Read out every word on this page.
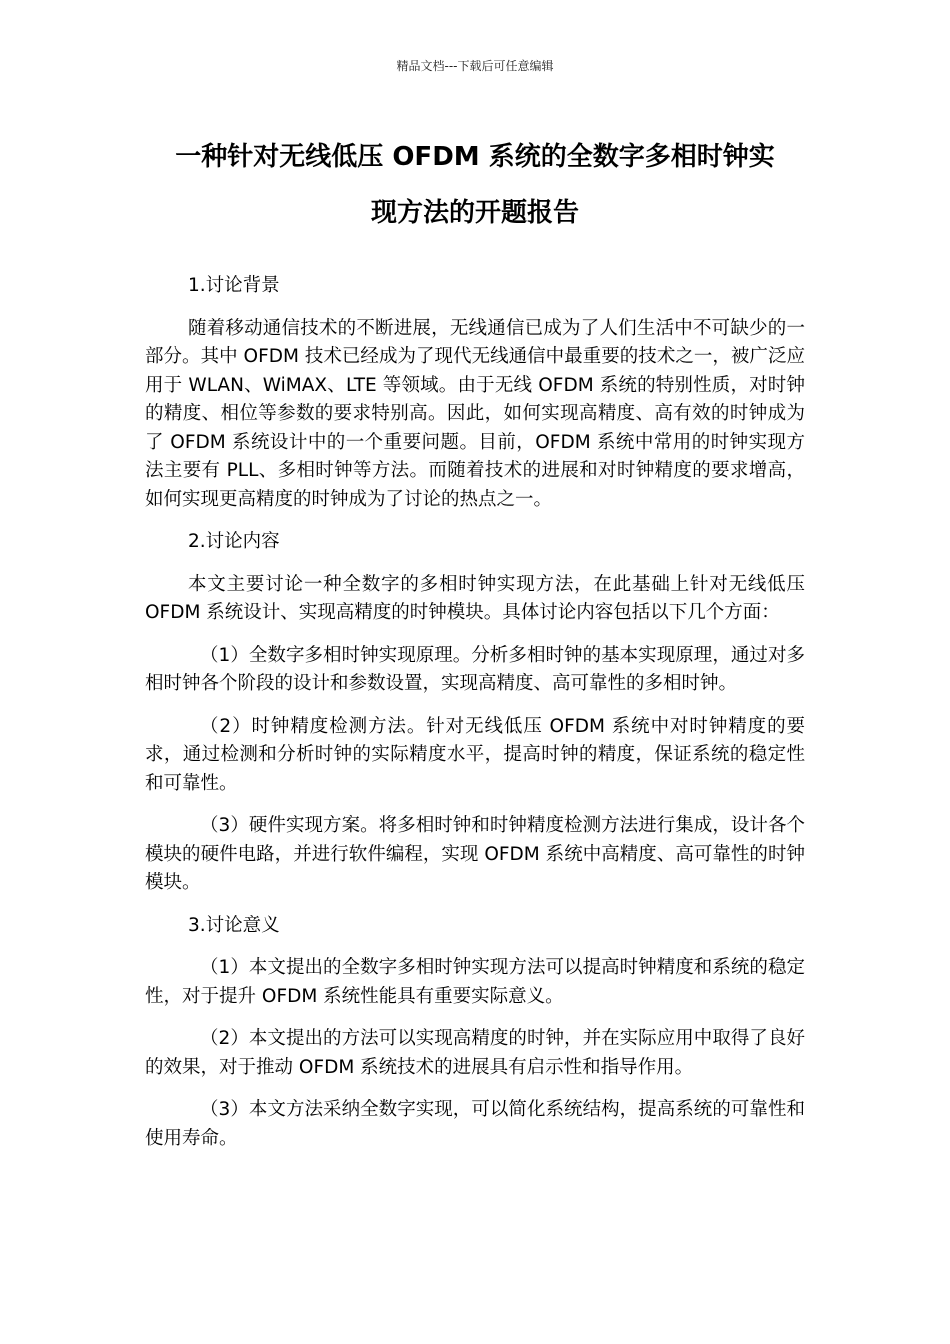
精品文档---下载后可任意编辑
一种针对无线低压 OFDM 系统的全数字多相时钟实
现方法的开题报告

1.讨论背景

随着移动通信技术的不断进展，无线通信已成为了人们生活中不可缺少的一部分。其中 OFDM 技术已经成为了现代无线通信中最重要的技术之一，被广泛应用于 WLAN、WiMAX、LTE 等领域。由于无线 OFDM 系统的特别性质，对时钟的精度、相位等参数的要求特别高。因此，如何实现高精度、高有效的时钟成为了 OFDM 系统设计中的一个重要问题。目前，OFDM 系统中常用的时钟实现方法主要有 PLL、多相时钟等方法。而随着技术的进展和对时钟精度的要求增高，如何实现更高精度的时钟成为了讨论的热点之一。

2.讨论内容

本文主要讨论一种全数字的多相时钟实现方法，在此基础上针对无线低压 OFDM 系统设计、实现高精度的时钟模块。具体讨论内容包括以下几个方面：

（1）全数字多相时钟实现原理。分析多相时钟的基本实现原理，通过对多相时钟各个阶段的设计和参数设置，实现高精度、高可靠性的多相时钟。

（2）时钟精度检测方法。针对无线低压 OFDM 系统中对时钟精度的要求，通过检测和分析时钟的实际精度水平，提高时钟的精度，保证系统的稳定性和可靠性。

（3）硬件实现方案。将多相时钟和时钟精度检测方法进行集成，设计各个模块的硬件电路，并进行软件编程，实现 OFDM 系统中高精度、高可靠性的时钟模块。

3.讨论意义

（1）本文提出的全数字多相时钟实现方法可以提高时钟精度和系统的稳定性，对于提升 OFDM 系统性能具有重要实际意义。

（2）本文提出的方法可以实现高精度的时钟，并在实际应用中取得了良好的效果，对于推动 OFDM 系统技术的进展具有启示性和指导作用。

（3）本文方法采纳全数字实现，可以简化系统结构，提高系统的可靠性和使用寿命。
